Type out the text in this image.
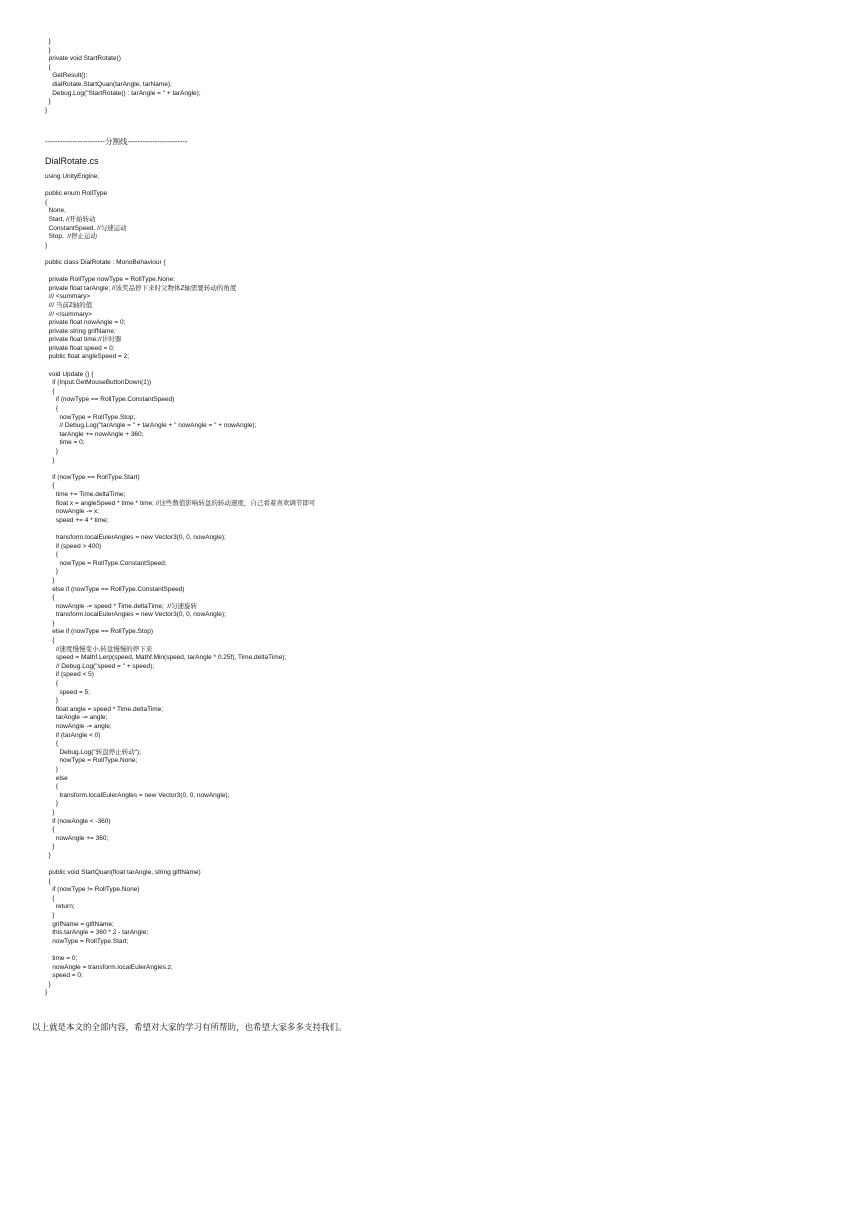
}
}
private void StartRotate()
{
GetResult();
dialRotate.StartQuan(tarAngle, tarName);
Debug.Log("StartRotate() : tarAngle = " + tarAngle);
}
}
------------------------分割线------------------------
DialRotate.cs
using UnityEngine;

public enum RollType
{
None,
Start, //开始转动
ConstantSpeed, //匀速运动
Stop,  //停止运动
}

public class DialRotate : MonoBehaviour {

private RollType nowType = RollType.None;
private float tarAngle; //该奖品停下来时父物体Z轴需要转动的角度
/// <summary>
/// 当前Z轴的值
/// </summary>
private float nowAngle = 0;
private string grifName;
private float time;//计时器
private float speed = 0;
public float angleSpeed = 2;

void Update () {
if (Input.GetMouseButtonDown(1))
{
if (nowType == RollType.ConstantSpeed)
{
nowType = RollType.Stop;
// Debug.Log("tarAngle = " + tarAngle + " nowAngle = " + nowAngle);
tarAngle += nowAngle + 360;
time = 0;
}
}

if (nowType == RollType.Start)
{
time += Time.deltaTime;
float x = angleSpeed * time * time; //这些数值影响转盘的转动速度，自己看着喜欢调节即可
nowAngle -= x;
speed += 4 * time;

transform.localEulerAngles = new Vector3(0, 0, nowAngle);
if (speed > 400)
{
nowType = RollType.ConstantSpeed;
}
}
else if (nowType == RollType.ConstantSpeed)
{
nowAngle -= speed * Time.deltaTime;  //匀速旋转
transform.localEulerAngles = new Vector3(0, 0, nowAngle);
}
else if (nowType == RollType.Stop)
{
//速度慢慢变小,转盘慢慢的停下来
speed = Mathf.Lerp(speed, Mathf.Min(speed, tarAngle * 0.25f), Time.deltaTime);
// Debug.Log("speed = " + speed);
if (speed < 5)
{
speed = 5;
}
float angle = speed * Time.deltaTime;
tarAngle -= angle;
nowAngle -= angle;
if (tarAngle < 0)
{
Debug.Log("转盘停止转动");
nowType = RollType.None;
}
else
{
transform.localEulerAngles = new Vector3(0, 0, nowAngle);
}
}
if (nowAngle < -360)
{
nowAngle += 360;
}
}

public void StartQuan(float tarAngle, string giftName)
{
if (nowType != RollType.None)
{
return;
}
grifName = giftName;
this.tarAngle = 360 * 2 - tarAngle;
nowType = RollType.Start;

time = 0;
nowAngle = transform.localEulerAngles.z;
speed = 0;
}
}
以上就是本文的全部内容，希望对大家的学习有所帮助，也希望大家多多支持我们。
